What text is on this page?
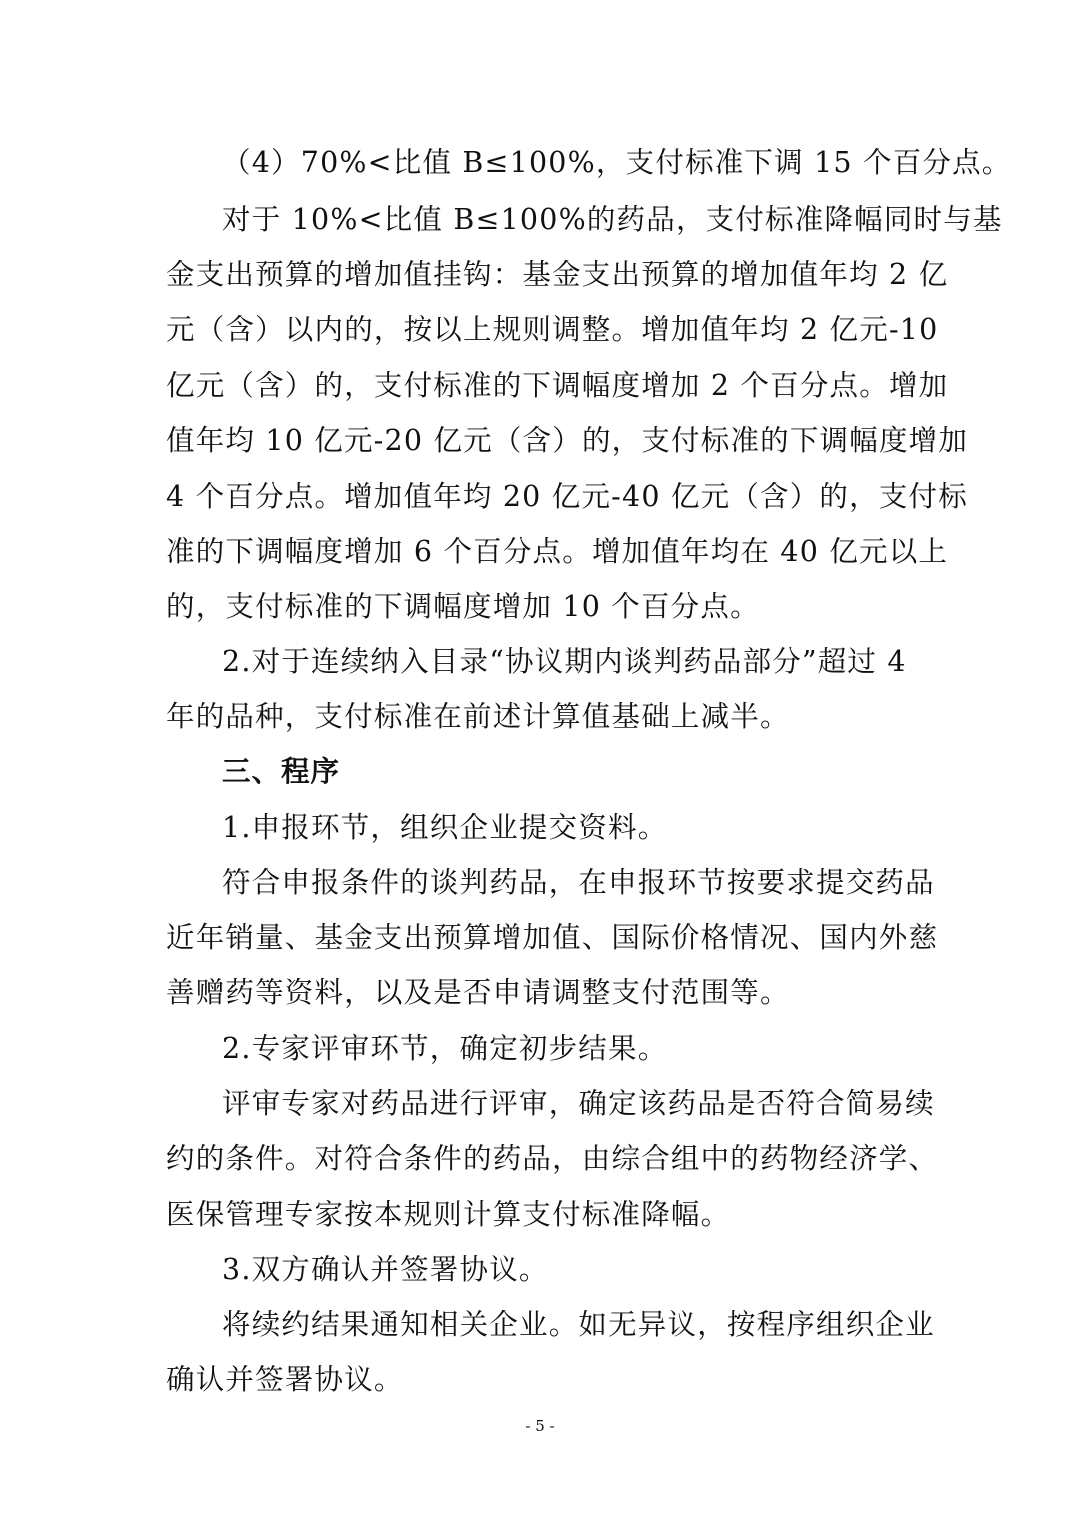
（4）70%<比值 B≤100%，支付标准下调 15 个百分点。
对于 10%<比值 B≤100%的药品，支付标准降幅同时与基
金支出预算的增加值挂钩：基金支出预算的增加值年均 2 亿
元（含）以内的，按以上规则调整。增加值年均 2 亿元-10
亿元（含）的，支付标准的下调幅度增加 2 个百分点。增加
值年均 10 亿元-20 亿元（含）的，支付标准的下调幅度增加
4 个百分点。增加值年均 20 亿元-40 亿元（含）的，支付标
准的下调幅度增加 6 个百分点。增加值年均在 40 亿元以上
的，支付标准的下调幅度增加 10 个百分点。
2.对于连续纳入目录“协议期内谈判药品部分”超过 4
年的品种，支付标准在前述计算值基础上减半。
三、程序
1.申报环节，组织企业提交资料。
符合申报条件的谈判药品，在申报环节按要求提交药品
近年销量、基金支出预算增加值、国际价格情况、国内外慈
善赠药等资料，以及是否申请调整支付范围等。
2.专家评审环节，确定初步结果。
评审专家对药品进行评审，确定该药品是否符合简易续
约的条件。对符合条件的药品，由综合组中的药物经济学、
医保管理专家按本规则计算支付标准降幅。
3.双方确认并签署协议。
将续约结果通知相关企业。如无异议，按程序组织企业
确认并签署协议。
- 5 -
